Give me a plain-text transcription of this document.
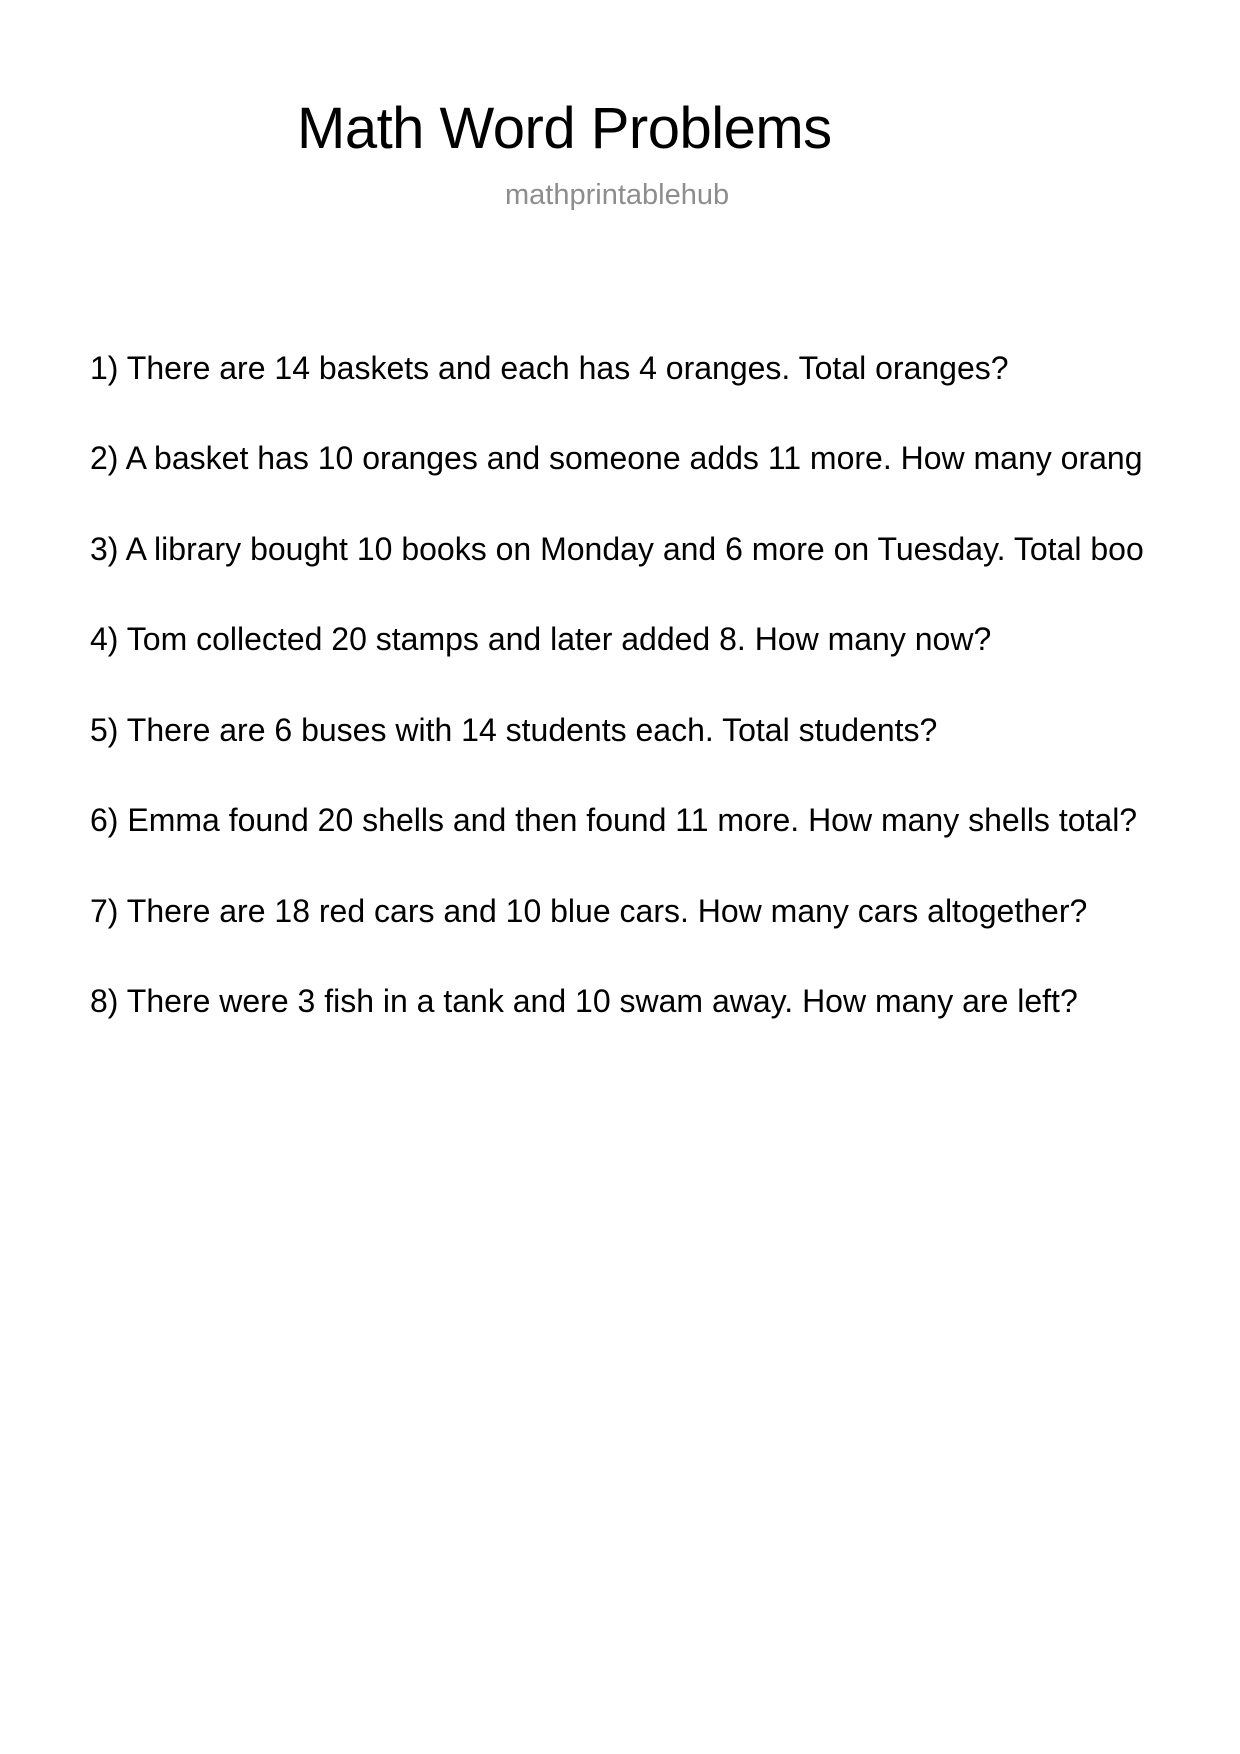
Math Word Problems
mathprintablehub

1) There are 14 baskets and each has 4 oranges. Total oranges?

2) A basket has 10 oranges and someone adds 11 more. How many orang

3) A library bought 10 books on Monday and 6 more on Tuesday. Total boo

4) Tom collected 20 stamps and later added 8. How many now?

5) There are 6 buses with 14 students each. Total students?

6) Emma found 20 shells and then found 11 more. How many shells total?

7) There are 18 red cars and 10 blue cars. How many cars altogether?

8) There were 3 fish in a tank and 10 swam away. How many are left?
